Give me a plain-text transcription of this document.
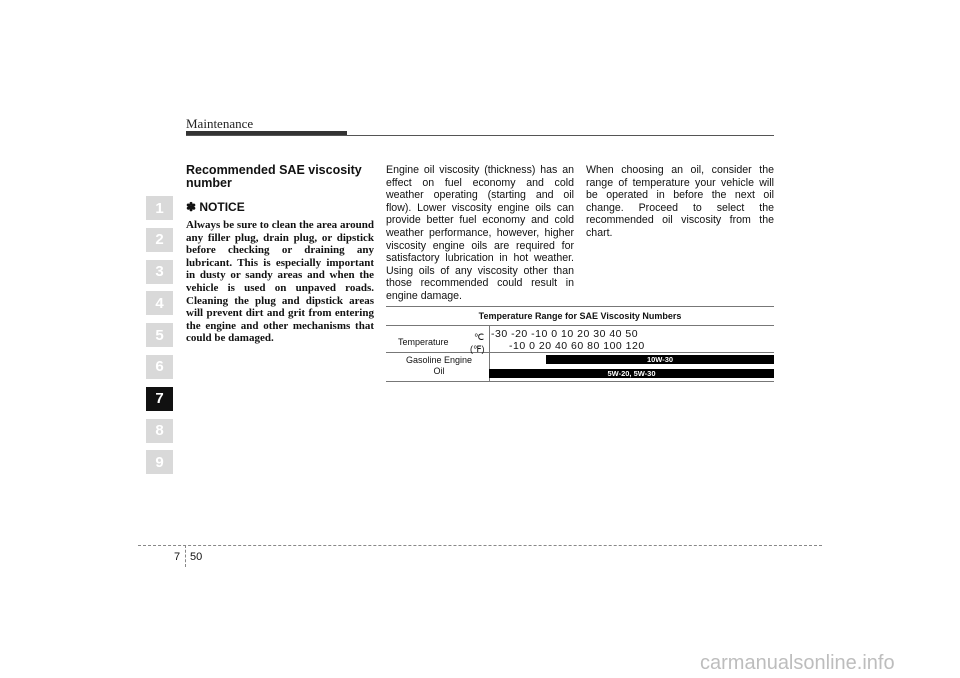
Maintenance
1
2
3
4
5
6
7
8
9

Recommended SAE viscosity number

✽ NOTICE

Always be sure to clean the area around any filler plug, drain plug, or dipstick before checking or draining any lubricant. This is especially important in dusty or sandy areas and when the vehicle is used on unpaved roads. Cleaning the plug and dipstick areas will prevent dirt and grit from entering the engine and other mechanisms that could be damaged.

Engine oil viscosity (thickness) has an effect on fuel economy and cold weather operating (starting and oil flow). Lower viscosity engine oils can provide better fuel economy and cold weather performance, however, higher viscosity engine oils are required for satisfactory lubrication in hot weather. Using oils of any viscosity other than those recommended could result in engine damage.

When choosing an oil, consider the range of temperature your vehicle will be operated in before the next oil change. Proceed to select the recommended oil viscosity from the chart.

Temperature Range for SAE Viscosity Numbers
Temperature	℃
(℉)
-30 -20 -10 0 10 20 30 40 50
-10 0 20 40 60 80 100 120
Gasoline Engine Oil
10W-30
5W-20, 5W-30
7 50
carmanualsonline.info
